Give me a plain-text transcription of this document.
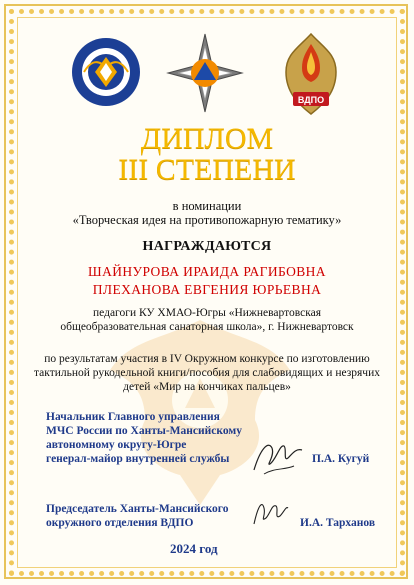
ВДПО
ДИПЛОМ
III СТЕПЕНИ
в номинации
«Творческая идея на противопожарную тематику»
НАГРАЖДАЮТСЯ
ШАЙНУРОВА ИРАИДА РАГИБОВНА
ПЛЕХАНОВА ЕВГЕНИЯ ЮРЬЕВНА
педагоги КУ ХМАО-Югры «Нижневартовская
общеобразовательная санаторная школа», г. Нижневартовск
по результатам участия в IV Окружном конкурсе по изготовлению
тактильной рукодельной книги/пособия для слабовидящих и незрячих
детей «Мир на кончиках пальцев»
Начальник Главного управления
МЧС России по Ханты-Мансийскому
автономному округу-Югре
генерал-майор внутренней службы	П.А. Кугуй
Председатель Ханты-Мансийского
окружного отделения ВДПО	И.А. Тарханов
2024 год
